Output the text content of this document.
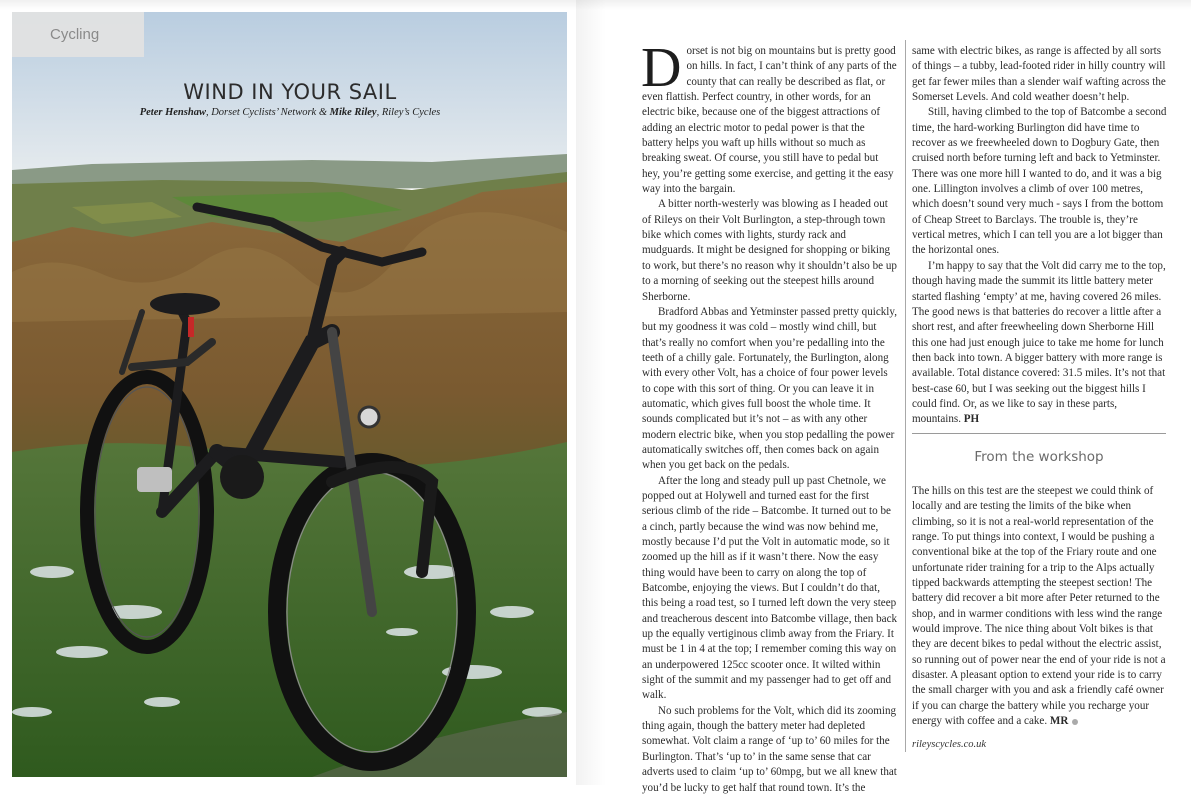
Cycling
WIND IN YOUR SAIL
Peter Henshaw, Dorset Cyclists’ Network & Mike Riley, Riley’s Cycles

Dorset is not big on mountains but is pretty good on hills. In fact, I can’t think of any parts of the county that can really be described as flat, or even flattish. Perfect country, in other words, for an electric bike, because one of the biggest attractions of adding an electric motor to pedal power is that the battery helps you waft up hills without so much as breaking sweat. Of course, you still have to pedal but hey, you’re getting some exercise, and getting it the easy way into the bargain.

A bitter north-westerly was blowing as I headed out of Rileys on their Volt Burlington, a step-through town bike which comes with lights, sturdy rack and mudguards. It might be designed for shopping or biking to work, but there’s no reason why it shouldn’t also be up to a morning of seeking out the steepest hills around Sherborne.

Bradford Abbas and Yetminster passed pretty quickly, but my goodness it was cold – mostly wind chill, but that’s really no comfort when you’re pedalling into the teeth of a chilly gale. Fortunately, the Burlington, along with every other Volt, has a choice of four power levels to cope with this sort of thing. Or you can leave it in automatic, which gives full boost the whole time. It sounds complicated but it’s not – as with any other modern electric bike, when you stop pedalling the power automatically switches off, then comes back on again when you get back on the pedals.

After the long and steady pull up past Chetnole, we popped out at Holywell and turned east for the first serious climb of the ride – Batcombe. It turned out to be a cinch, partly because the wind was now behind me, mostly because I’d put the Volt in automatic mode, so it zoomed up the hill as if it wasn’t there. Now the easy thing would have been to carry on along the top of Batcombe, enjoying the views. But I couldn’t do that, this being a road test, so I turned left down the very steep and treacherous descent into Batcombe village, then back up the equally vertiginous climb away from the Friary. It must be 1 in 4 at the top; I remember coming this way on an underpowered 125cc scooter once. It wilted within sight of the summit and my passenger had to get off and walk.

No such problems for the Volt, which did its zooming thing again, though the battery meter had depleted somewhat. Volt claim a range of ‘up to’ 60 miles for the Burlington. That’s ‘up to’ in the same sense that car adverts used to claim ‘up to’ 60mpg, but we all knew that you’d be lucky to get half that round town. It’s the

same with electric bikes, as range is affected by all sorts of things – a tubby, lead-footed rider in hilly country will get far fewer miles than a slender waif wafting across the Somerset Levels. And cold weather doesn’t help.

Still, having climbed to the top of Batcombe a second time, the hard-working Burlington did have time to recover as we freewheeled down to Dogbury Gate, then cruised north before turning left and back to Yetminster. There was one more hill I wanted to do, and it was a big one. Lillington involves a climb of over 100 metres, which doesn’t sound very much - says I from the bottom of Cheap Street to Barclays. The trouble is, they’re vertical metres, which I can tell you are a lot bigger than the horizontal ones.

I’m happy to say that the Volt did carry me to the top, though having made the summit its little battery meter started flashing ‘empty’ at me, having covered 26 miles. The good news is that batteries do recover a little after a short rest, and after freewheeling down Sherborne Hill this one had just enough juice to take me home for lunch then back into town. A bigger battery with more range is available. Total distance covered: 31.5 miles. It’s not that best-case 60, but I was seeking out the biggest hills I could find. Or, as we like to say in these parts, mountains. PH

From the workshop

The hills on this test are the steepest we could think of locally and are testing the limits of the bike when climbing, so it is not a real-world representation of the range. To put things into context, I would be pushing a conventional bike at the top of the Friary route and one unfortunate rider training for a trip to the Alps actually tipped backwards attempting the steepest section! The battery did recover a bit more after Peter returned to the shop, and in warmer conditions with less wind the range would improve. The nice thing about Volt bikes is that they are decent bikes to pedal without the electric assist, so running out of power near the end of your ride is not a disaster. A pleasant option to extend your ride is to carry the small charger with you and ask a friendly café owner if you can charge the battery while you recharge your energy with coffee and a cake. MR

rileyscycles.co.uk
